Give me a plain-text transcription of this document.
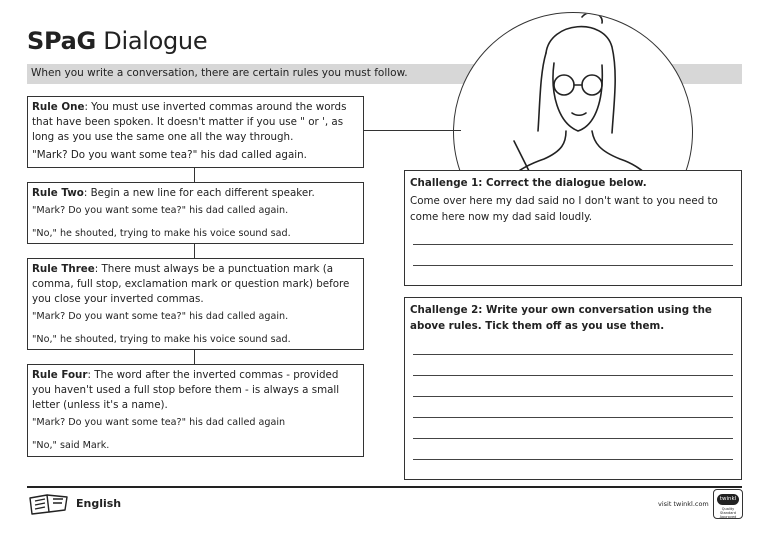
SPaG Dialogue
When you write a conversation, there are certain rules you must follow.

Rule One: You must use inverted commas around the words that have been spoken. It doesn't matter if you use " or ', as long as you use the same one all the way through.

"Mark? Do you want some tea?" his dad called again.

Rule Two: Begin a new line for each different speaker.

"Mark? Do you want some tea?" his dad called again.

"No," he shouted, trying to make his voice sound sad.

Rule Three: There must always be a punctuation mark (a comma, full stop, exclamation mark or question mark) before you close your inverted commas.

"Mark? Do you want some tea?" his dad called again.

"No," he shouted, trying to make his voice sound sad.

Rule Four: The word after the inverted commas - provided you haven't used a full stop before them - is always a small letter (unless it's a name).

"Mark? Do you want some tea?" his dad called again

"No," said Mark.

Challenge 1: Correct the dialogue below.
Come over here my dad said no I don't want to you need to come here now my dad said loudly.
Challenge 2: Write your own conversation using the above rules. Tick them off as you use them.
English	visit twinkl.com
twinkl
Quality Standard Approved
